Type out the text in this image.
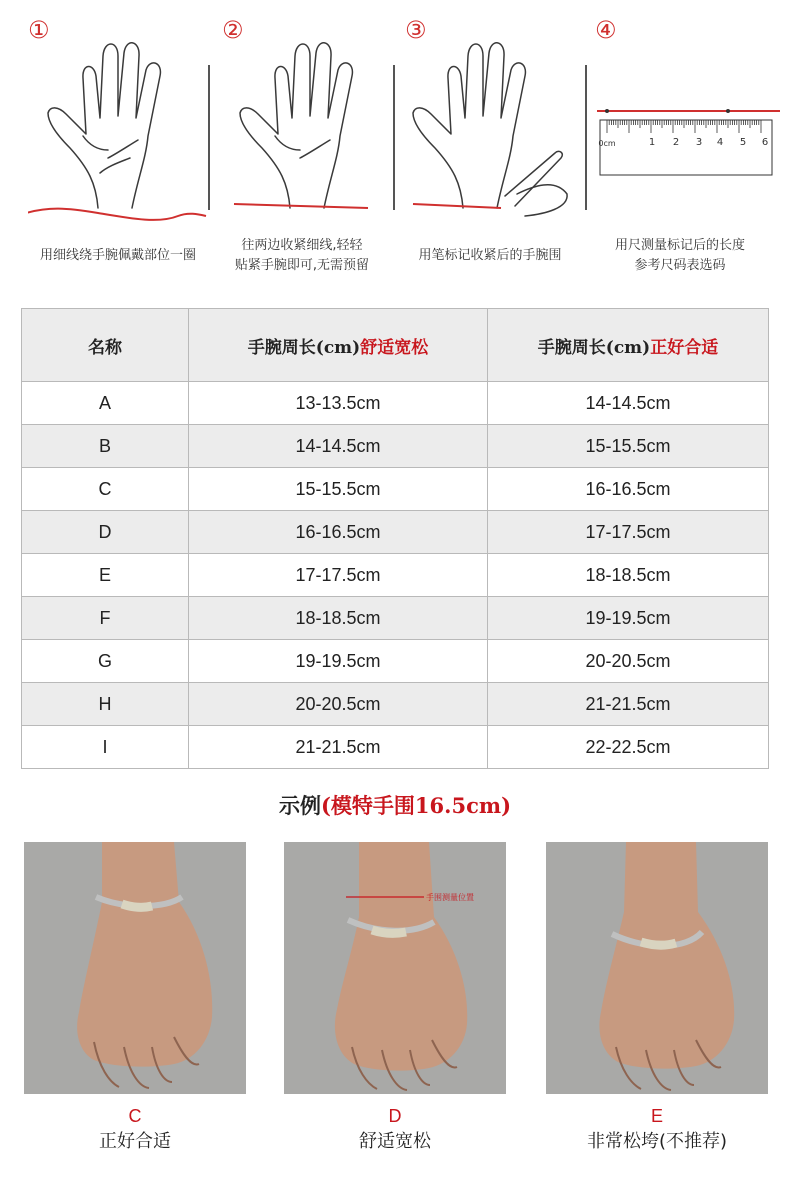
①
用细线绕手腕佩戴部位一圈
②
往两边收紧细线,轻轻
贴紧手腕即可,无需预留
③
用笔标记收紧后的手腕围
④
0cm	1 2 3 4 5 6
用尺测量标记后的长度
参考尺码表选码
名称	手腕周长(cm)舒适宽松	手腕周长(cm)正好合适
A	13-13.5cm	14-14.5cm
B	14-14.5cm	15-15.5cm
C	15-15.5cm	16-16.5cm
D	16-16.5cm	17-17.5cm
E	17-17.5cm	18-18.5cm
F	18-18.5cm	19-19.5cm
G	19-19.5cm	20-20.5cm
H	20-20.5cm	21-21.5cm
I	21-21.5cm	22-22.5cm
示例(模特手围16.5cm)
C
正好合适
手围测量位置
D
舒适宽松
E
非常松垮(不推荐)
